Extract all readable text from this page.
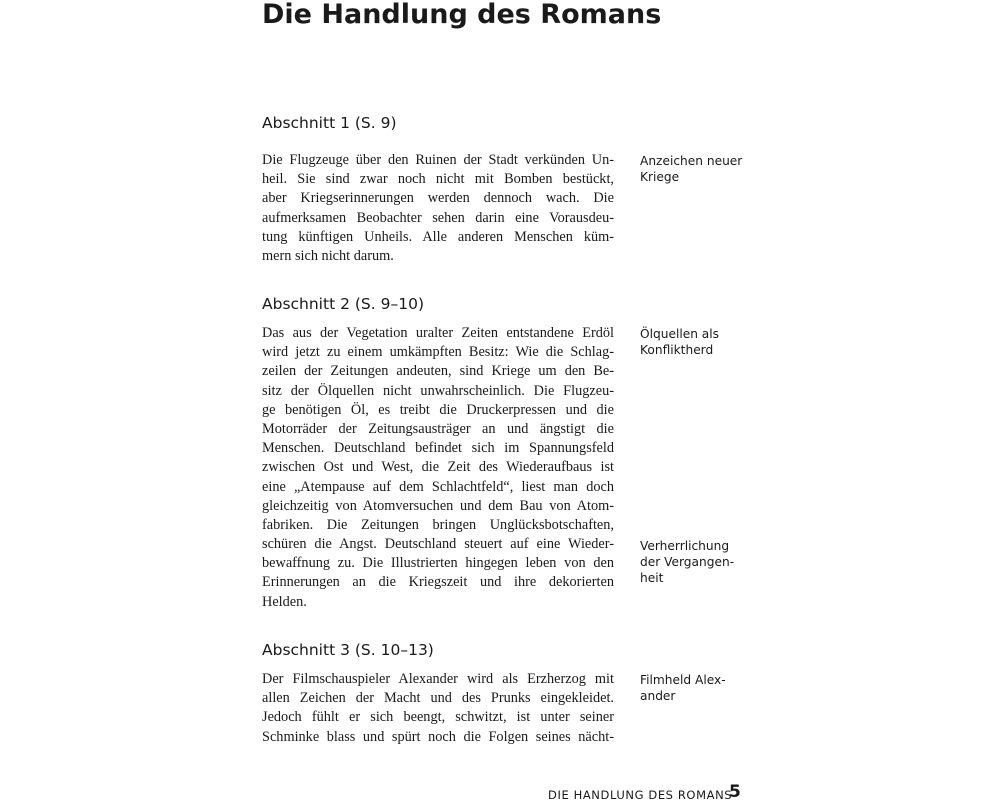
Die Handlung des Romans
Abschnitt 1 (S. 9)
Die Flugzeuge über den Ruinen der Stadt verkünden Un-
heil. Sie sind zwar noch nicht mit Bomben bestückt,
aber Kriegserinnerungen werden dennoch wach. Die
aufmerksamen Beobachter sehen darin eine Vorausdeu-
tung künftigen Unheils. Alle anderen Menschen küm-
mern sich nicht darum.
Anzeichen neuer
Kriege
Abschnitt 2 (S. 9–10)
Das aus der Vegetation uralter Zeiten entstandene Erdöl
wird jetzt zu einem umkämpften Besitz: Wie die Schlag-
zeilen der Zeitungen andeuten, sind Kriege um den Be-
sitz der Ölquellen nicht unwahrscheinlich. Die Flugzeu-
ge benötigen Öl, es treibt die Druckerpressen und die
Motorräder der Zeitungsausträger an und ängstigt die
Menschen. Deutschland befindet sich im Spannungsfeld
zwischen Ost und West, die Zeit des Wiederaufbaus ist
eine „Atempause auf dem Schlachtfeld“, liest man doch
gleichzeitig von Atomversuchen und dem Bau von Atom-
fabriken. Die Zeitungen bringen Unglücksbotschaften,
schüren die Angst. Deutschland steuert auf eine Wieder-
bewaffnung zu. Die Illustrierten hingegen leben von den
Erinnerungen an die Kriegszeit und ihre dekorierten
Helden.
Ölquellen als
Konfliktherd
Verherrlichung
der Vergangen-
heit
Abschnitt 3 (S. 10–13)
Der Filmschauspieler Alexander wird als Erzherzog mit
allen Zeichen der Macht und des Prunks eingekleidet.
Jedoch fühlt er sich beengt, schwitzt, ist unter seiner
Schminke blass und spürt noch die Folgen seines nächt-
Filmheld Alex-
ander
DIE HANDLUNG DES ROMANS
5
